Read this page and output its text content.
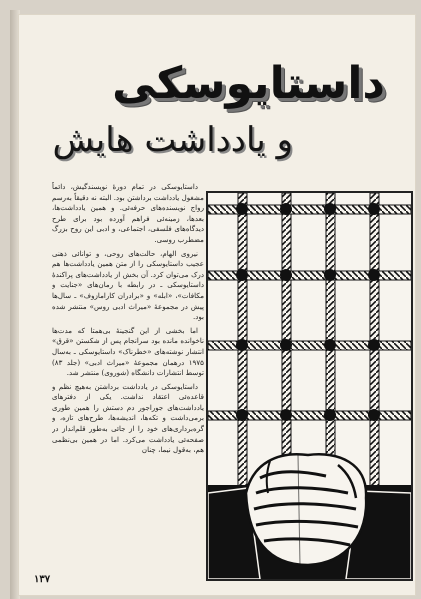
داستایوسکی
و یادداشت هایش

داستایوسکی در تمام دورهٔ نویسندگیش، دائماً مشغول یادداشت برداشتن بود. البته نه دقیقاً به‌رسم رواج نویسنده‌های حرفه‌ئی. و همین یادداشت‌ها، بعدها، زمینه‌ئی فراهم آورده بود برای طرح دیدگاه‌های فلسفی، اجتماعی، و ادبی این روح بزرگ مضطرب روسی.

نیروی الهام، حالت‌های روحی، و توانائی ذهنی عجیب داستایوسکی را از متن همین یادداشت‌ها هم درک می‌توان کرد. آن بخش از یادداشت‌های پراکندهٔ داستایوسکی ـ در رابطه با رمان‌های «جنایت و مکافات»، «ابله» و «برادران کارامازوف» ـ سال‌ها پیش در مجموعهٔ «میراث ادبی روس» منتشر شده بود.

اما بخشی از این گنجینهٔ بی‌همتا که مدت‌ها ناخوانده مانده بود سرانجام پس از شکستن «قرق» انتشار نوشته‌های «خطرناک» داستایوسکی ـ به‌سال ۱۹۷۵ درهمان مجموعهٔ «میراث ادبی» (جلد ۸۳) توسط انتشارات دانشگاه (شوروی) منتشر شد.

داستایوسکی در یادداشت برداشتن به‌هیچ نظم و قاعده‌ئی اعتقاد نداشت. یکی از دفترهای یادداشت‌های جوراجور دم دستش را همین طوری برمی‌داشت و تکه‌ها، اندیشه‌ها، طرح‌های تازه، و گره‌برداری‌های خود را از جائی به‌طور قلم‌انداز در صفحه‌ئی یادداشت می‌کرد. اما در همین بی‌نظمی هم، به‌قول نیما، چنان

۱۳۷
